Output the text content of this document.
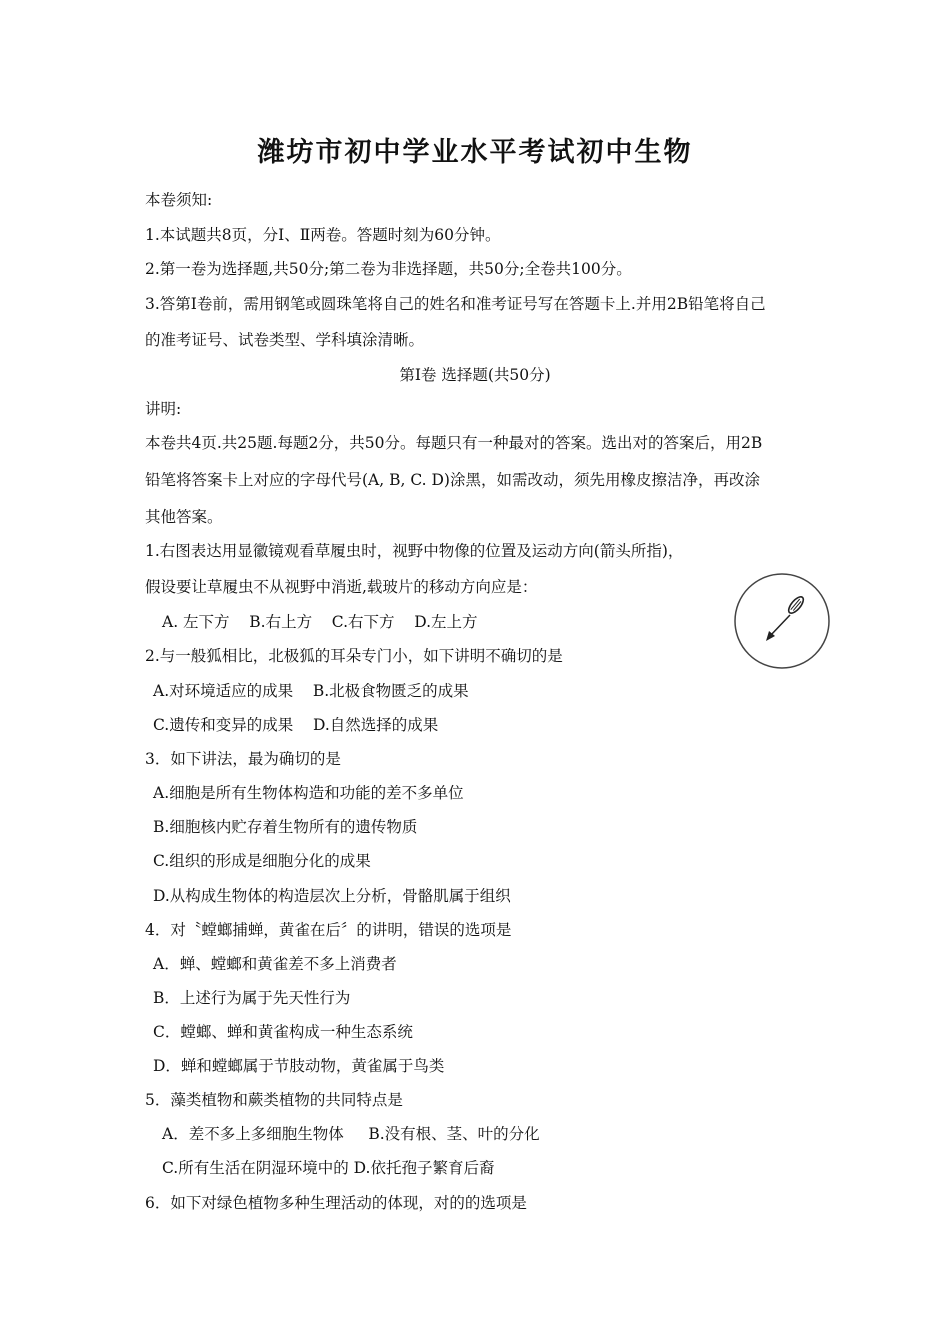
潍坊市初中学业水平考试初中生物
本卷须知:
1.本试题共8页，分Ⅰ、Ⅱ两卷。答题时刻为60分钟。
2.第一卷为选择题,共50分;第二卷为非选择题，共50分;全卷共100分。
3.答第Ⅰ卷前，需用钢笔或圆珠笔将自己的姓名和准考证号写在答题卡上.并用2B铅笔将自己
的准考证号、试卷类型、学科填涂清晰。
第Ⅰ卷 选择题(共50分)
讲明:
本卷共4页.共25题.每题2分，共50分。每题只有一种最对的答案。选出对的答案后，用2B
铅笔将答案卡上对应的字母代号(A, B, C. D)涂黑，如需改动，须先用橡皮擦洁净，再改涂
其他答案。
1.右图表达用显徽镜观看草履虫时，视野中物像的位置及运动方向(箭头所指)，
假设要让草履虫不从视野中消逝,载玻片的移动方向应是：
A. 左下方    B.右上方    C.右下方    D.左上方
2.与一般狐相比，北极狐的耳朵专门小，如下讲明不确切的是
A.对环境适应的成果    B.北极食物匮乏的成果
C.遗传和变异的成果    D.自然选择的成果
3．如下讲法，最为确切的是
A.细胞是所有生物体构造和功能的差不多单位
B.细胞核内贮存着生物所有的遗传物质
C.组织的形成是细胞分化的成果
D.从构成生物体的构造层次上分析，骨骼肌属于组织
4．对〝螳螂捕蝉，黄雀在后〞的讲明，错误的选项是
A．蝉、螳螂和黄雀差不多上消费者
B．上述行为属于先天性行为
C．螳螂、蝉和黄雀构成一种生态系统
D．蝉和螳螂属于节肢动物，黄雀属于鸟类
5．藻类植物和蕨类植物的共同特点是
A．差不多上多细胞生物体     B.没有根、茎、叶的分化
C.所有生活在阴湿环境中的 D.依托孢子繁育后裔
6．如下对绿色植物多种生理活动的体现，对的的选项是
